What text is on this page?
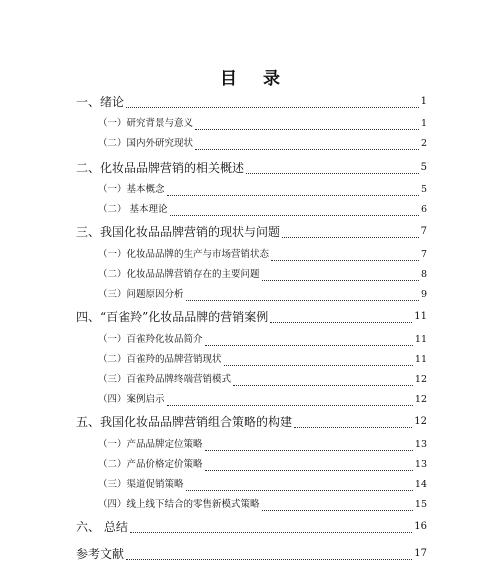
目 录
一、绪论	1
（一）研究背景与意义	1
（二）国内外研究现状	2
二、化妆品品牌营销的相关概述	5
（一）基本概念	5
（二） 基本理论	6
三、我国化妆品品牌营销的现状与问题	7
（一）化妆品品牌的生产与市场营销状态	7
（二）化妆品品牌营销存在的主要问题	8
（三）问题原因分析	9
四、“百雀羚”化妆品品牌的营销案例	11
（一）百雀羚化妆品简介	11
（二）百雀羚的品牌营销现状	11
（三）百雀羚品牌终端营销模式	12
（四）案例启示	12
五、我国化妆品品牌营销组合策略的构建	12
（一）产品品牌定位策略	13
（二）产品价格定价策略	13
（三）渠道促销策略	14
（四）线上线下结合的零售新模式策略	15
六、 总结	16
参考文献	17
